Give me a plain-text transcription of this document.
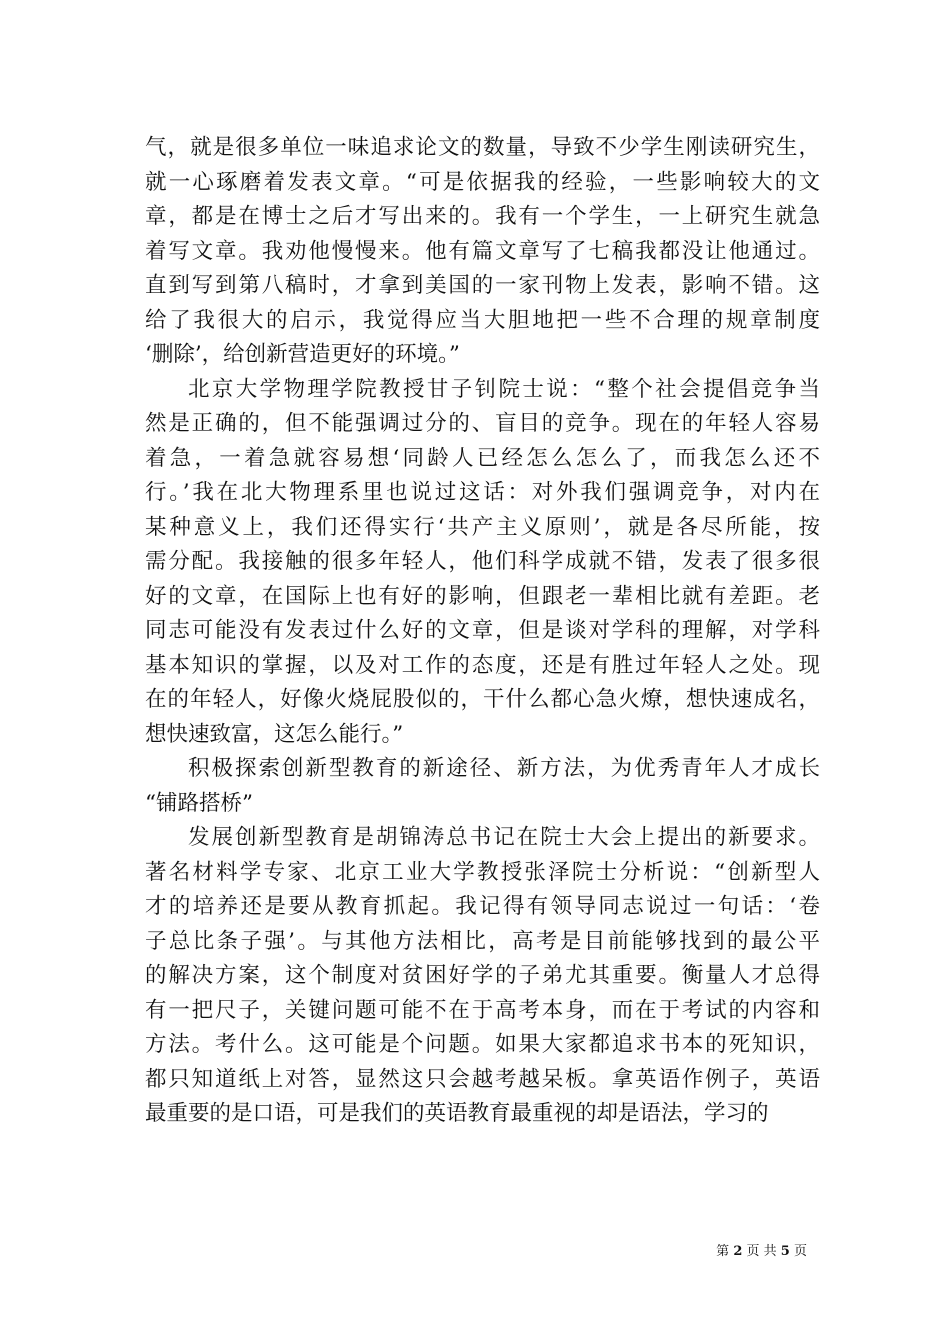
气，就是很多单位一味追求论文的数量，导致不少学生刚读研究生，
就一心琢磨着发表文章。“可是依据我的经验，一些影响较大的文
章，都是在博士之后才写出来的。我有一个学生，一上研究生就急
着写文章。我劝他慢慢来。他有篇文章写了七稿我都没让他通过。
直到写到第八稿时，才拿到美国的一家刊物上发表，影响不错。这
给了我很大的启示，我觉得应当大胆地把一些不合理的规章制度
‘删除’，给创新营造更好的环境。”
北京大学物理学院教授甘子钊院士说：“整个社会提倡竞争当
然是正确的，但不能强调过分的、盲目的竞争。现在的年轻人容易
着急，一着急就容易想‘同龄人已经怎么怎么了，而我怎么还不
行。’我在北大物理系里也说过这话：对外我们强调竞争，对内在
某种意义上，我们还得实行‘共产主义原则’，就是各尽所能，按
需分配。我接触的很多年轻人，他们科学成就不错，发表了很多很
好的文章，在国际上也有好的影响，但跟老一辈相比就有差距。老
同志可能没有发表过什么好的文章，但是谈对学科的理解，对学科
基本知识的掌握，以及对工作的态度，还是有胜过年轻人之处。现
在的年轻人，好像火烧屁股似的，干什么都心急火燎，想快速成名，
想快速致富，这怎么能行。”
积极探索创新型教育的新途径、新方法，为优秀青年人才成长
“铺路搭桥”
发展创新型教育是胡锦涛总书记在院士大会上提出的新要求。
著名材料学专家、北京工业大学教授张泽院士分析说：“创新型人
才的培养还是要从教育抓起。我记得有领导同志说过一句话：‘卷
子总比条子强’。与其他方法相比，高考是目前能够找到的最公平
的解决方案，这个制度对贫困好学的子弟尤其重要。衡量人才总得
有一把尺子，关键问题可能不在于高考本身，而在于考试的内容和
方法。考什么。这可能是个问题。如果大家都追求书本的死知识，
都只知道纸上对答，显然这只会越考越呆板。拿英语作例子，英语
最重要的是口语，可是我们的英语教育最重视的却是语法，学习的
第 2 页 共 5 页
